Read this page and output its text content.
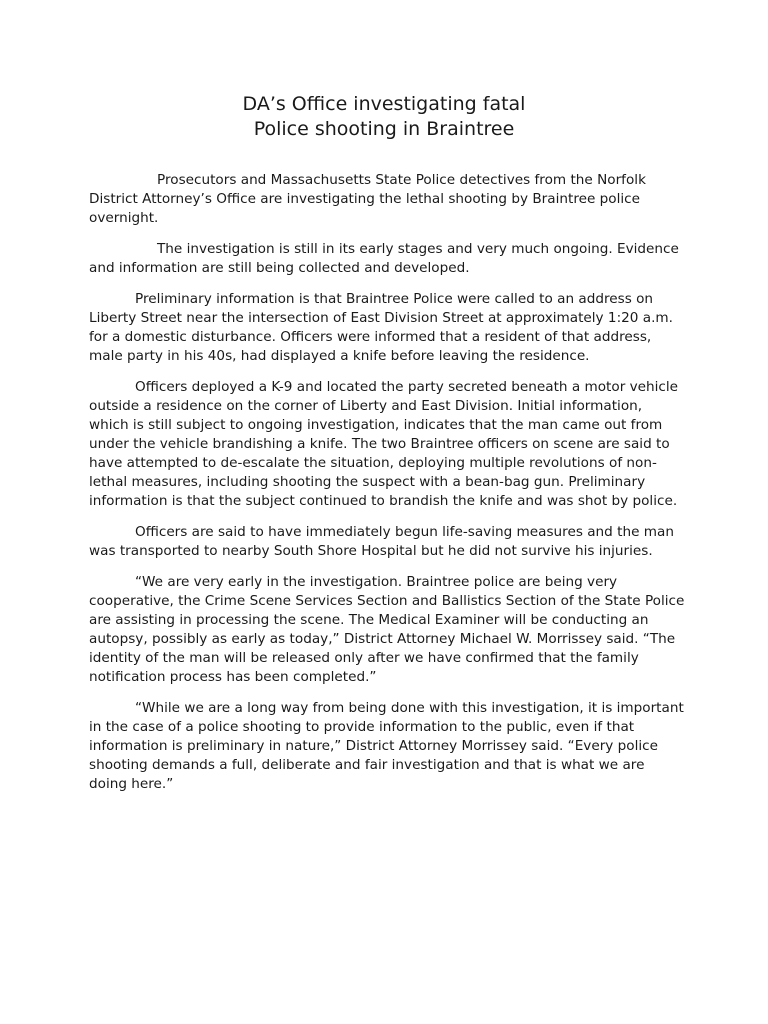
DA’s Office investigating fatal
Police shooting in Braintree

Prosecutors and Massachusetts State Police detectives from the Norfolk District Attorney’s Office are investigating the lethal shooting by Braintree police overnight.

The investigation is still in its early stages and very much ongoing. Evidence and information are still being collected and developed.

Preliminary information is that Braintree Police were called to an address on Liberty Street near the intersection of East Division Street at approximately 1:20 a.m. for a domestic disturbance. Officers were informed that a resident of that address, male party in his 40s, had displayed a knife before leaving the residence.

Officers deployed a K-9 and located the party secreted beneath a motor vehicle outside a residence on the corner of Liberty and East Division. Initial information, which is still subject to ongoing investigation, indicates that the man came out from under the vehicle brandishing a knife. The two Braintree officers on scene are said to have attempted to de-escalate the situation, deploying multiple revolutions of non-lethal measures, including shooting the suspect with a bean-bag gun. Preliminary information is that the subject continued to brandish the knife and was shot by police.

Officers are said to have immediately begun life-saving measures and the man was transported to nearby South Shore Hospital but he did not survive his injuries.

“We are very early in the investigation. Braintree police are being very cooperative, the Crime Scene Services Section and Ballistics Section of the State Police are assisting in processing the scene. The Medical Examiner will be conducting an autopsy, possibly as early as today,” District Attorney Michael W. Morrissey said. “The identity of the man will be released only after we have confirmed that the family notification process has been completed.”

“While we are a long way from being done with this investigation, it is important in the case of a police shooting to provide information to the public, even if that information is preliminary in nature,” District Attorney Morrissey said. “Every police shooting demands a full, deliberate and fair investigation and that is what we are doing here.”
